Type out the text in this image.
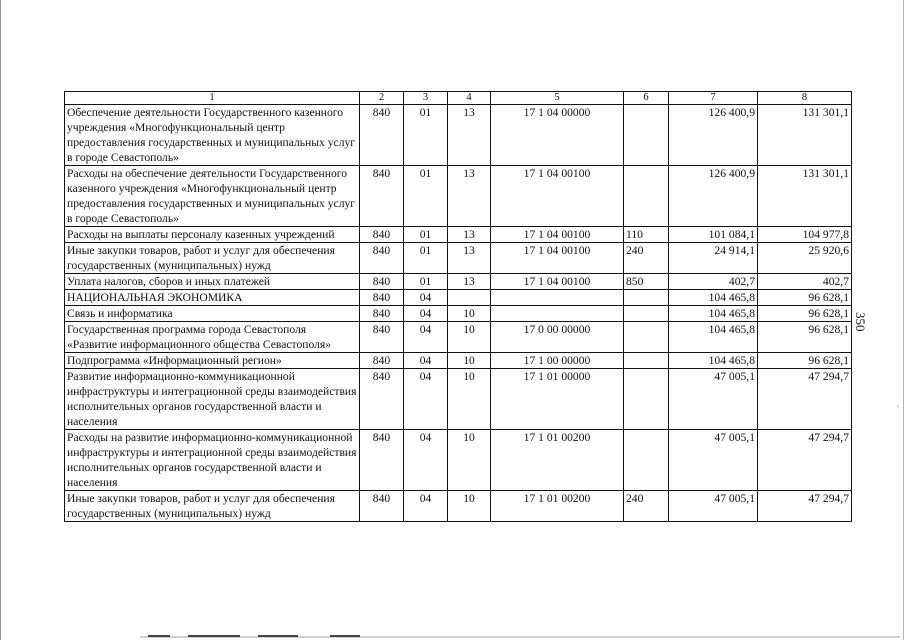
1	2	3	4	5	6	7	8
Обеспечение деятельности Государственного казенного учреждения «Многофункциональный центр предоставления государственных и муниципальных услуг в городе Севастополь»	840	01	13	17 1 04 00000		126 400,9	131 301,1
Расходы на обеспечение деятельности Государственного казенного учреждения «Многофункциональный центр предоставления государственных и муниципальных услуг в городе Севастополь»	840	01	13	17 1 04 00100		126 400,9	131 301,1
Расходы на выплаты персоналу казенных учреждений	840	01	13	17 1 04 00100	110	101 084,1	104 977,8
Иные закупки товаров, работ и услуг для обеспечения государственных (муниципальных) нужд	840	01	13	17 1 04 00100	240	24 914,1	25 920,6
Уплата налогов, сборов и иных платежей	840	01	13	17 1 04 00100	850	402,7	402,7
НАЦИОНАЛЬНАЯ ЭКОНОМИКА	840	04				104 465,8	96 628,1
Связь и информатика	840	04	10			104 465,8	96 628,1
Государственная программа города Севастополя «Развитие информационного общества Севастополя»	840	04	10	17 0 00 00000		104 465,8	96 628,1
Подпрограмма «Информационный регион»	840	04	10	17 1 00 00000		104 465,8	96 628,1
Развитие информационно-коммуникационной инфраструктуры и интеграционной среды взаимодействия исполнительных органов государственной власти и населения	840	04	10	17 1 01 00000		47 005,1	47 294,7
Расходы на развитие информационно-коммуникационной инфраструктуры и интеграционной среды взаимодействия исполнительных органов государственной власти и населения	840	04	10	17 1 01 00200		47 005,1	47 294,7
Иные закупки товаров, работ и услуг для обеспечения государственных (муниципальных) нужд	840	04	10	17 1 01 00200	240	47 005,1	47 294,7
350
'
